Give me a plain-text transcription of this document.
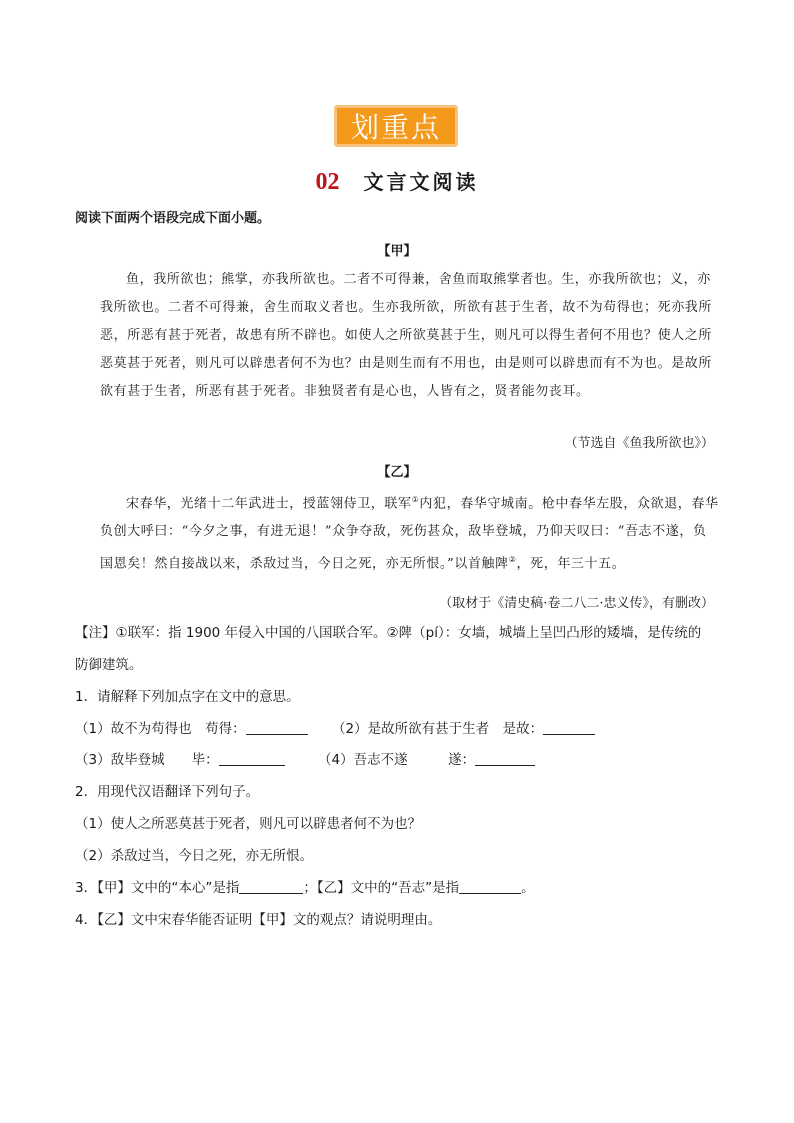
划重点
02 文言文阅读
阅读下面两个语段完成下面小题。
【甲】
鱼，我所欲也；熊掌，亦我所欲也。二者不可得兼，舍鱼而取熊掌者也。生，亦我所欲也；义，亦我所欲也。二者不可得兼，舍生而取义者也。生亦我所欲，所欲有甚于生者，故不为苟得也；死亦我所恶，所恶有甚于死者，故患有所不辟也。如使人之所欲莫甚于生，则凡可以得生者何不用也？使人之所恶莫甚于死者，则凡可以辟患者何不为也？由是则生而有不用也，由是则可以辟患而有不为也。是故所欲有甚于生者，所恶有甚于死者。非独贤者有是心也，人皆有之，贤者能勿丧耳。
（节选自《鱼我所欲也》）
【乙】
宋春华，光绪十二年武进士，授蓝翎侍卫，联军①内犯，春华守城南。枪中春华左股，众欲退，春华负创大呼曰：“今夕之事，有进无退！”众争夺敌，死伤甚众，敌毕登城，乃仰天叹曰：“吾志不遂，负国恩矣！然自接战以来，杀敌过当，今日之死，亦无所恨。”以首触陴②，死，年三十五。
（取材于《清史稿·卷二八二·忠义传》，有删改）
【注】①联军：指 1900 年侵入中国的八国联合军。②陴（pí）：女墙，城墙上呈凹凸形的矮墙，是传统的
防御建筑。
1．请解释下列加点字在文中的意思。
（1）故不为苟得也　苟得：	（2）是故所欲有甚于生者　是故：
（3）敌毕登城　　毕：	（4）吾志不遂　　　遂：
2．用现代汉语翻译下列句子。
（1）使人之所恶莫甚于死者，则凡可以辟患者何不为也？
（2）杀敌过当，今日之死，亦无所恨。
3．【甲】文中的“本心”是指	；【乙】文中的“吾志”是指	。
4．【乙】文中宋春华能否证明【甲】文的观点？请说明理由。
